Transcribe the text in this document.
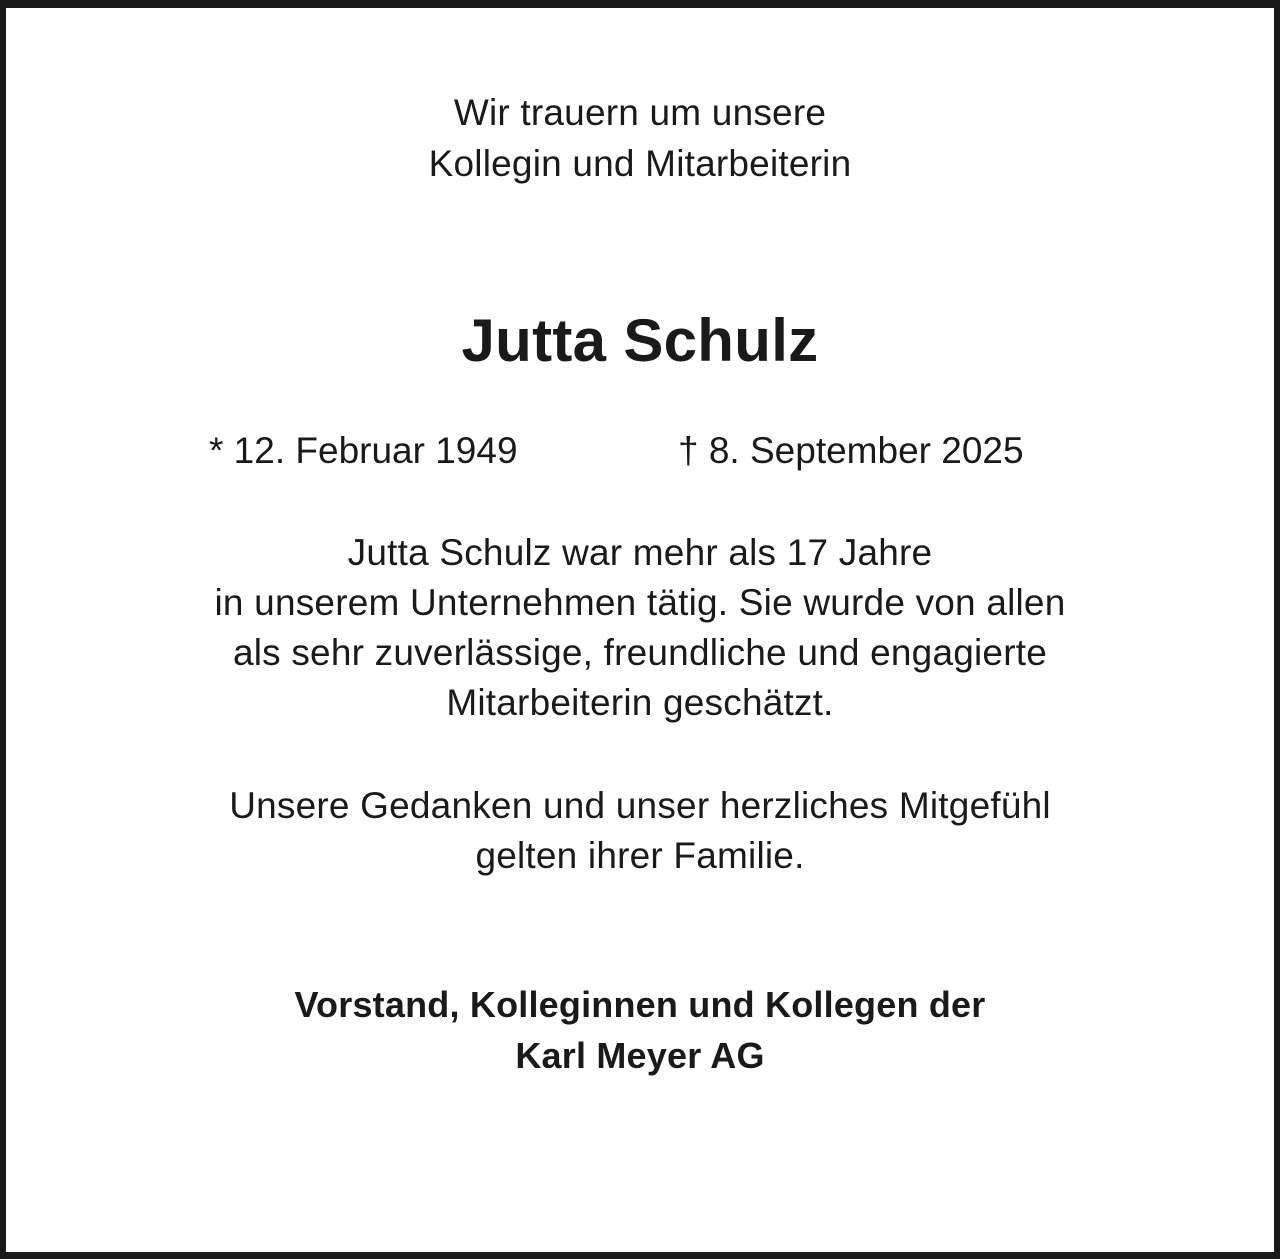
Wir trauern um unsere
Kollegin und Mitarbeiterin
Jutta Schulz
* 12. Februar 1949	† 8. September 2025
Jutta Schulz war mehr als 17 Jahre
in unserem Unternehmen tätig. Sie wurde von allen
als sehr zuverlässige, freundliche und engagierte
Mitarbeiterin geschätzt.
Unsere Gedanken und unser herzliches Mitgefühl
gelten ihrer Familie.
Vorstand, Kolleginnen und Kollegen der
Karl Meyer AG
